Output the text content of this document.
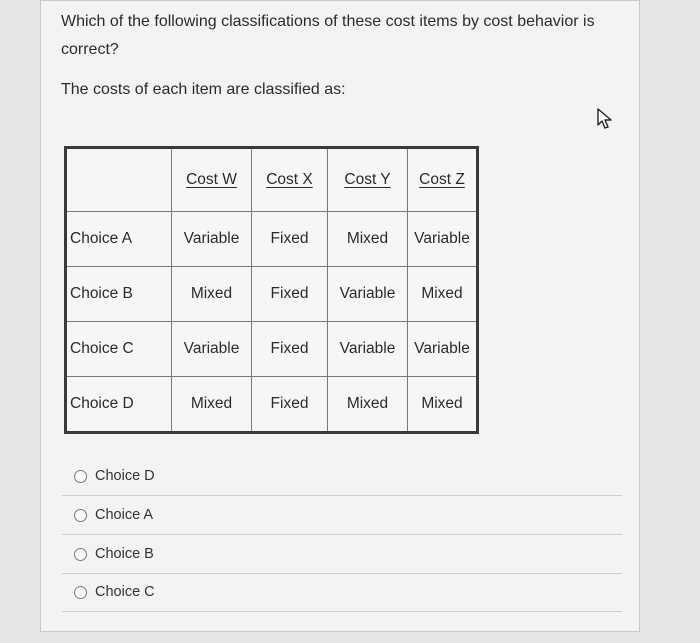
Which of the following classifications of these cost items by cost behavior is correct?
The costs of each item are classified as:
	Cost W	Cost X	Cost Y	Cost Z
Choice A	Variable	Fixed	Mixed	Variable
Choice B	Mixed	Fixed	Variable	Mixed
Choice C	Variable	Fixed	Variable	Variable
Choice D	Mixed	Fixed	Mixed	Mixed
Choice D
Choice A
Choice B
Choice C
